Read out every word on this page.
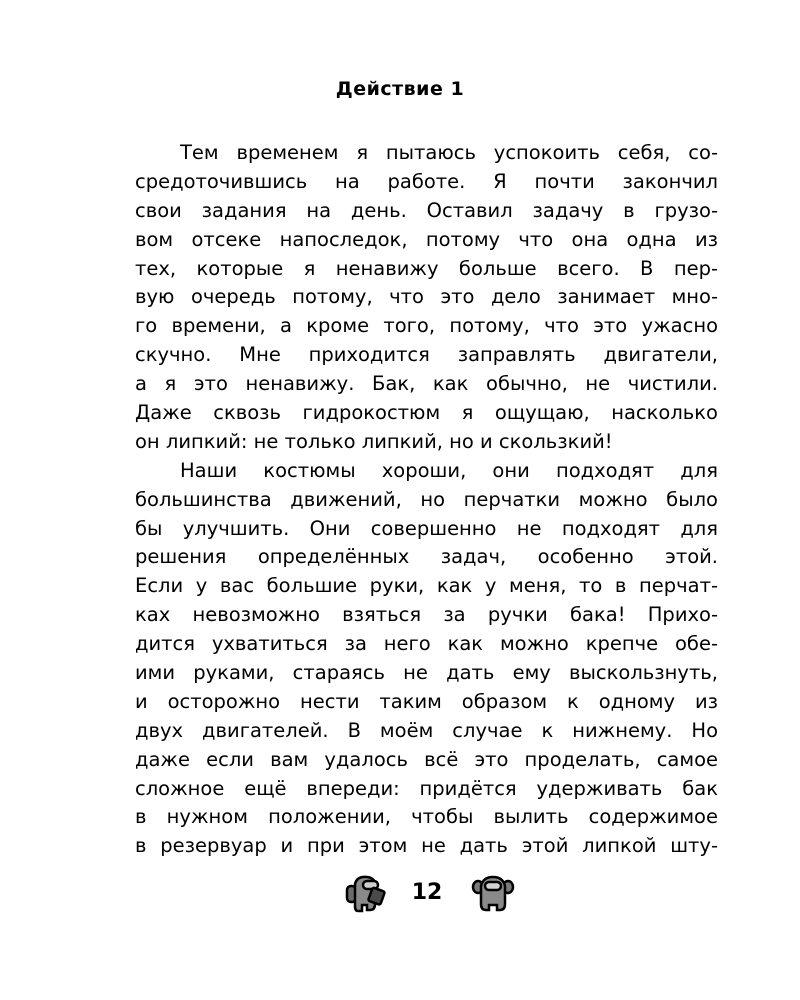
Действие 1
Тем временем я пытаюсь успокоить себя, со-
средоточившись на работе. Я почти закончил
свои задания на день. Оставил задачу в грузо-
вом отсеке напоследок, потому что она одна из
тех, которые я ненавижу больше всего. В пер-
вую очередь потому, что это дело занимает мно-
го времени, а кроме того, потому, что это ужасно
скучно. Мне приходится заправлять двигатели,
а я это ненавижу. Бак, как обычно, не чистили.
Даже сквозь гидрокостюм я ощущаю, насколько
он липкий: не только липкий, но и скользкий!
Наши костюмы хороши, они подходят для
большинства движений, но перчатки можно было
бы улучшить. Они совершенно не подходят для
решения определённых задач, особенно этой.
Если у вас большие руки, как у меня, то в перчат-
ках невозможно взяться за ручки бака! Прихо-
дится ухватиться за него как можно крепче обе-
ими руками, стараясь не дать ему выскользнуть,
и осторожно нести таким образом к одному из
двух двигателей. В моём случае к нижнему. Но
даже если вам удалось всё это проделать, самое
сложное ещё впереди: придётся удерживать бак
в нужном положении, чтобы вылить содержимое
в резервуар и при этом не дать этой липкой шту-
12
